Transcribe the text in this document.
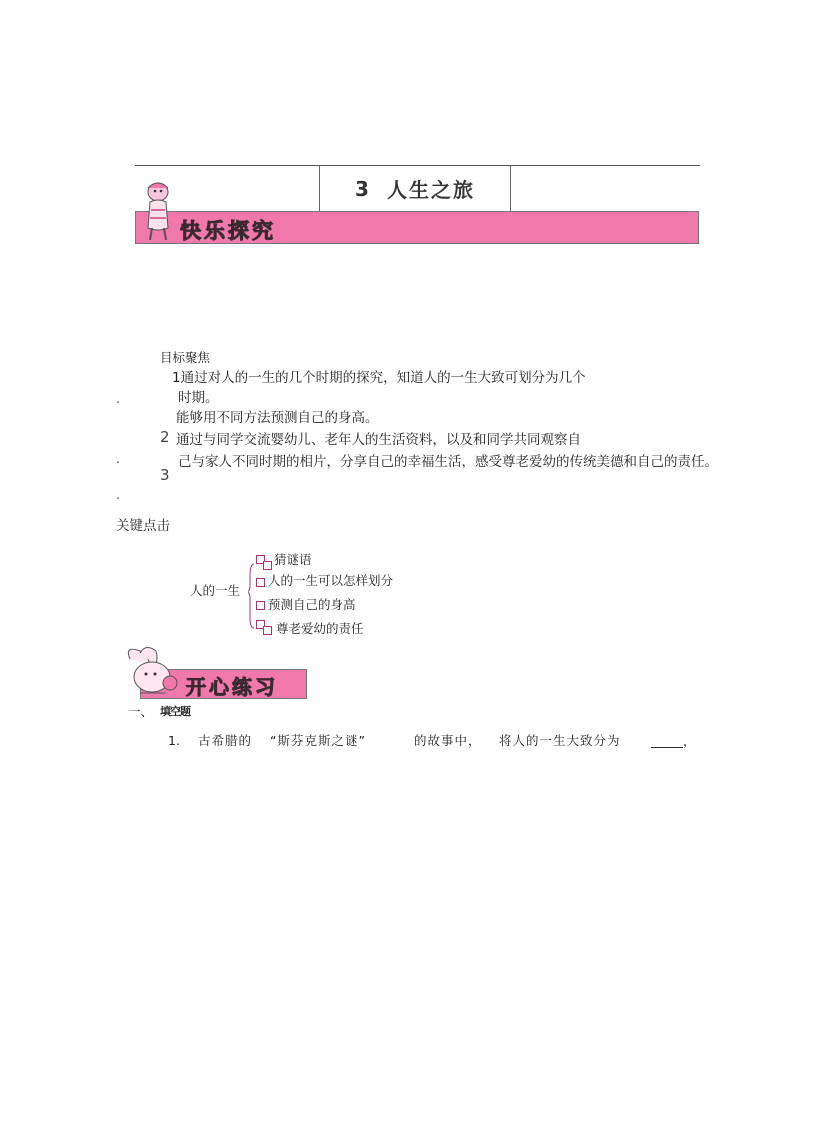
3 人生之旅
快乐探究
目标聚焦
1通过对人的一生的几个时期的探究，知道人的一生大致可划分为几个
.	时期。
能够用不同方法预测自己的身高。
2 通过与同学交流婴幼儿、老年人的生活资料，以及和同学共同观察自
.	己与家人不同时期的相片，分享自己的幸福生活，感受尊老爱幼的传统美德和自己的责任。
3
.
关键点击
人的一生
猜谜语
人的一生可以怎样划分
预测自己的身高
尊老爱幼的责任
开心练习
一、 填空题
1. 古希腊的 “斯芬克斯之谜”	的故事中， 将人的一生大致分为	，
